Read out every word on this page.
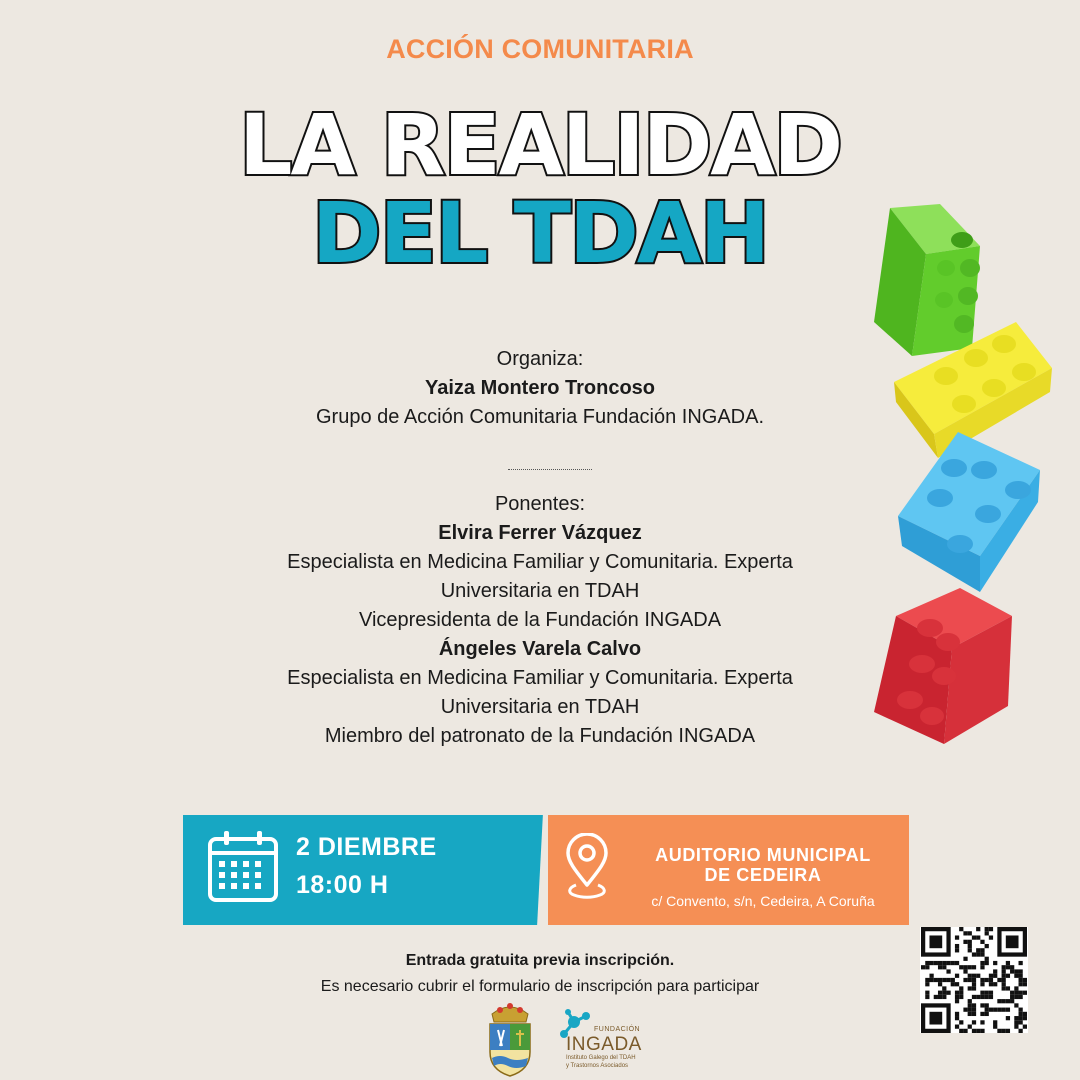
ACCIÓN COMUNITARIA
LA REALIDAD
DEL TDAH
Organiza:
Yaiza Montero Troncoso
Grupo de Acción Comunitaria Fundación INGADA.
Ponentes:
Elvira Ferrer Vázquez
Especialista en Medicina Familiar y Comunitaria. Experta
Universitaria en TDAH
Vicepresidenta de la Fundación INGADA
Ángeles Varela Calvo
Especialista en Medicina Familiar y Comunitaria. Experta
Universitaria en TDAH
Miembro del patronato de la Fundación INGADA
2 DIEMBRE
18:00 H
AUDITORIO MUNICIPAL
DE CEDEIRA
c/ Convento, s/n, Cedeira, A Coruña
Entrada gratuita previa inscripción.
Es necesario cubrir el formulario de inscripción para participar
FUNDACIÓN
INGADA
Instituto Galego del TDAH
y Trastornos Asociados
